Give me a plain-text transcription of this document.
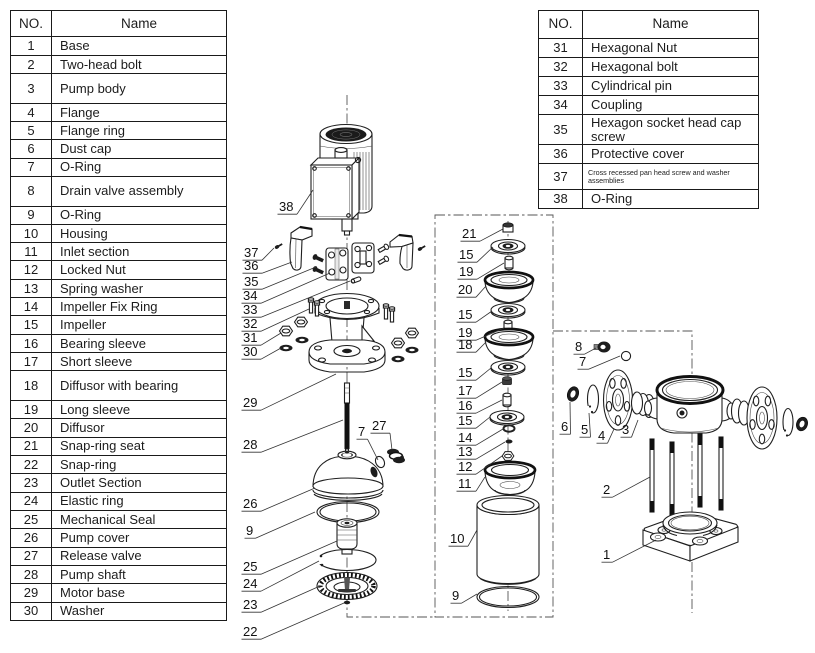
38
37
36
35
34
33
32
31
30
29
28
26
9
25
24
23
22
7 27
21
15
19
20
15
19
18
15
17
16
15
14
13
12
11
10
9
8
7
6 5 4 3
2
1
NO.	Name
1	Base
2	Two-head bolt
3	Pump body
4	Flange
5	Flange ring
6	Dust cap
7	O-Ring
8	Drain valve assembly
9	O-Ring
10	Housing
11	Inlet section
12	Locked Nut
13	Spring washer
14	Impeller Fix Ring
15	Impeller
16	Bearing sleeve
17	Short sleeve
18	Diffusor with bearing
19	Long sleeve
20	Diffusor
21	Snap-ring seat
22	Snap-ring
23	Outlet Section
24	Elastic ring
25	Mechanical Seal
26	Pump cover
27	Release valve
28	Pump shaft
29	Motor base
30	Washer
NO.	Name
31	Hexagonal Nut
32	Hexagonal bolt
33	Cylindrical pin
34	Coupling
35	Hexagon socket head cap screw
36	Protective cover
37	Cross recessed pan head screw and washer assemblies
38	O-Ring
